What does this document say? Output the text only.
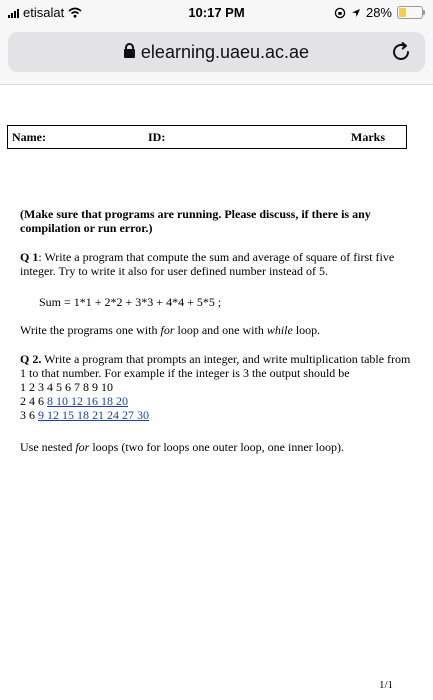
etisalat	10:17 PM	28%
elearning.uaeu.ac.ae
Name:	ID:	Marks

(Make sure that programs are running. Please discuss, if there is any compilation or run error.)

Q 1: Write a program that compute the sum and average of square of first five integer. Try to write it also for user defined number instead of 5.

Sum = 1*1 + 2*2 + 3*3 + 4*4 + 5*5 ;

Write the programs one with for loop and one with while loop.

Q 2. Write a program that prompts an integer, and write multiplication table from 1 to that number. For example if the integer is 3 the output should be

1 2 3 4 5 6 7 8 9 10

2 4 6 8 10 12 16 18 20

3 6 9 12 15 18 21 24 27 30

Use nested for loops (two for loops one outer loop, one inner loop).

1/1
